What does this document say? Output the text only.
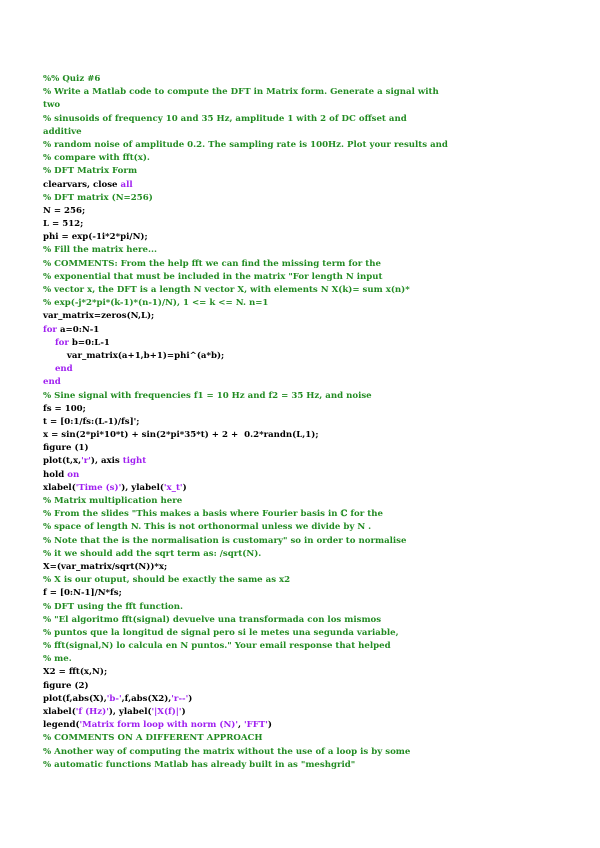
%% Quiz #6
% Write a Matlab code to compute the DFT in Matrix form. Generate a signal with
two
% sinusoids of frequency 10 and 35 Hz, amplitude 1 with 2 of DC offset and
additive
% random noise of amplitude 0.2. The sampling rate is 100Hz. Plot your results and
% compare with fft(x).
% DFT Matrix Form
clearvars, close all
% DFT matrix (N=256)
N = 256;
L = 512;
phi = exp(-1i*2*pi/N);
% Fill the matrix here...
% COMMENTS: From the help fft we can find the missing term for the
% exponential that must be included in the matrix "For length N input
% vector x, the DFT is a length N vector X, with elements N X(k)= sum x(n)*
% exp(-j*2*pi*(k-1)*(n-1)/N), 1 <= k <= N. n=1
var_matrix=zeros(N,L);
for a=0:N-1
for b=0:L-1
var_matrix(a+1,b+1)=phi^(a*b);
end
end
% Sine signal with frequencies f1 = 10 Hz and f2 = 35 Hz, and noise
fs = 100;
t = [0:1/fs:(L-1)/fs]';
x = sin(2*pi*10*t) + sin(2*pi*35*t) + 2 +  0.2*randn(L,1);
figure (1)
plot(t,x,'r'), axis tight
hold on
xlabel('Time (s)'), ylabel('x_t')
% Matrix multiplication here
% From the slides "This makes a basis where Fourier basis in ℂ for the
% space of length N. This is not orthonormal unless we divide by N .
% Note that the is the normalisation is customary" so in order to normalise
% it we should add the sqrt term as: /sqrt(N).
X=(var_matrix/sqrt(N))*x;
% X is our otuput, should be exactly the same as x2
f = [0:N-1]/N*fs;
% DFT using the fft function.
% "El algoritmo fft(signal) devuelve una transformada con los mismos
% puntos que la longitud de signal pero si le metes una segunda variable,
% fft(signal,N) lo calcula en N puntos." Your email response that helped
% me.
X2 = fft(x,N);
figure (2)
plot(f,abs(X),'b-',f,abs(X2),'r--')
xlabel('f (Hz)'), ylabel('|X(f)|')
legend('Matrix form loop with norm (N)', 'FFT')
% COMMENTS ON A DIFFERENT APPROACH
% Another way of computing the matrix without the use of a loop is by some
% automatic functions Matlab has already built in as "meshgrid"
